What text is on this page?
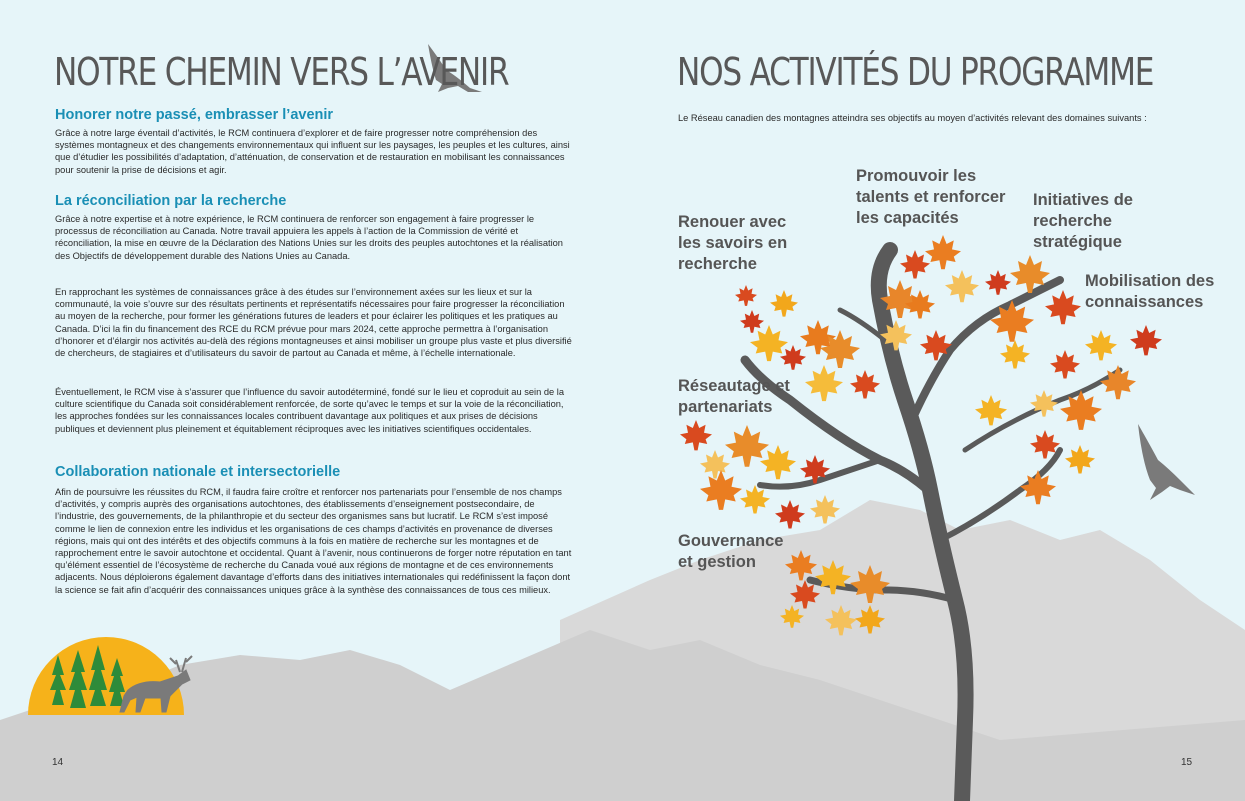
NOTRE CHEMIN VERS L’AVENIR
Honorer notre passé, embrasser l’avenir
Grâce à notre large éventail d’activités, le RCM continuera d’explorer et de faire progresser notre compréhension des systèmes montagneux et des changements environnementaux qui influent sur les paysages, les peuples et les cultures, ainsi que d’étudier les possibilités d’adaptation, d’atténuation, de conservation et de restauration en mobilisant les connaissances pour soutenir la prise de décisions et agir.
La réconciliation par la recherche
Grâce à notre expertise et à notre expérience, le RCM continuera de renforcer son engagement à faire progresser le processus de réconciliation au Canada. Notre travail appuiera les appels à l’action de la Commission de vérité et réconciliation, la mise en œuvre de la Déclaration des Nations Unies sur les droits des peuples autochtones et la réalisation des Objectifs de développement durable des Nations Unies au Canada.
En rapprochant les systèmes de connaissances grâce à des études sur l’environnement axées sur les lieux et sur la communauté, la voie s’ouvre sur des résultats pertinents et représentatifs nécessaires pour faire progresser la réconciliation au moyen de la recherche, pour former les générations futures de leaders et pour éclairer les politiques et les pratiques au Canada. D’ici la fin du financement des RCE du RCM prévue pour mars 2024, cette approche permettra à l’organisation d’honorer et d’élargir nos activités au-delà des régions montagneuses et ainsi mobiliser un groupe plus vaste et plus diversifié de chercheurs, de stagiaires et d’utilisateurs du savoir de partout au Canada et même, à l’échelle internationale.
Éventuellement, le RCM vise à s’assurer que l’influence du savoir autodéterminé, fondé sur le lieu et coproduit au sein de la culture scientifique du Canada soit considérablement renforcée, de sorte qu’avec le temps et sur la voie de la réconciliation, les approches fondées sur les connaissances locales contribuent davantage aux politiques et aux prises de décisions publiques et deviennent plus pleinement et équitablement réciproques avec les initiatives scientifiques occidentales.
Collaboration nationale et intersectorielle
Afin de poursuivre les réussites du RCM, il faudra faire croître et renforcer nos partenariats pour l’ensemble de nos champs d’activités, y compris auprès des organisations autochtones, des établissements d’enseignement postsecondaire, de l’industrie, des gouvernements, de la philanthropie et du secteur des organismes sans but lucratif. Le RCM s’est imposé comme le lien de connexion entre les individus et les organisations de ces champs d’activités en provenance de diverses régions, mais qui ont des intérêts et des objectifs communs à la fois en matière de recherche sur les montagnes et de rapprochement entre le savoir autochtone et occidental. Quant à l’avenir, nous continuerons de forger notre réputation en tant qu’élément essentiel de l’écosystème de recherche du Canada voué aux régions de montagne et de ces environnements adjacents. Nous déploierons également davantage d’efforts dans des initiatives internationales qui redéfinissent la façon dont la science se fait afin d’acquérir des connaissances uniques grâce à la synthèse des connaissances de tous ces milieux.
14
NOS ACTIVITÉS DU PROGRAMME
Le Réseau canadien des montagnes atteindra ses objectifs au moyen d’activités relevant des domaines suivants :
Renouer avec les savoirs en recherche
Promouvoir les talents et renforcer les capacités
Initiatives de recherche stratégique
Mobilisation des connaissances
Réseautage et partenariats
Gouvernance et gestion
15
